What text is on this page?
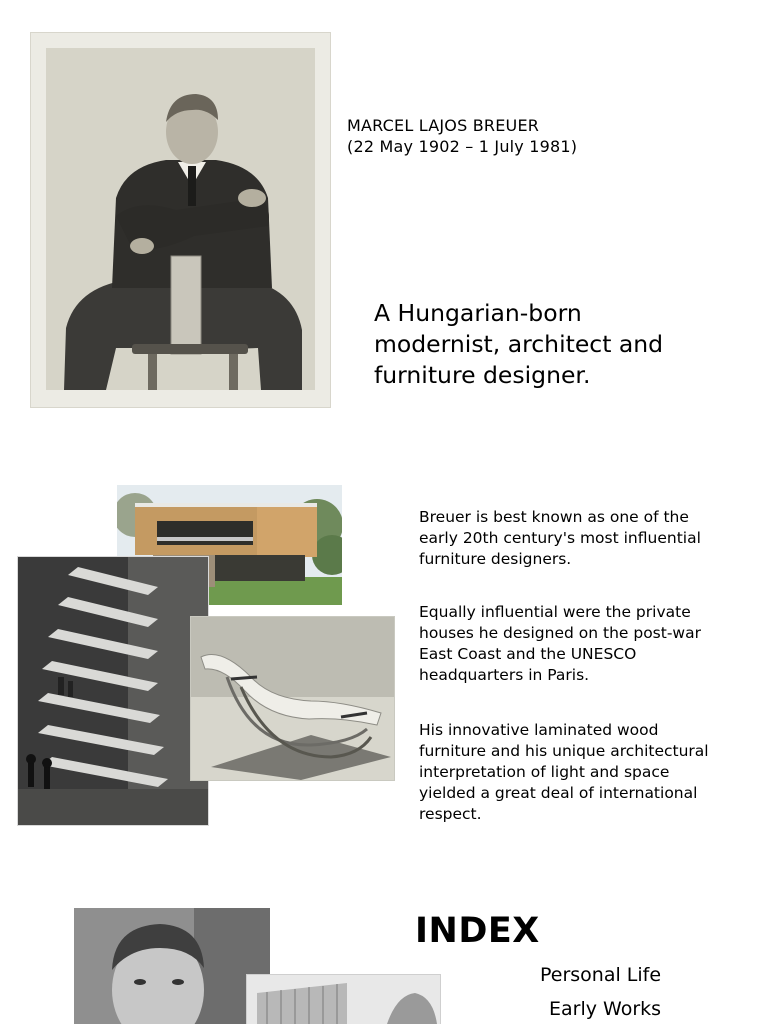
MARCEL LAJOS BREUER
(22 May 1902 – 1 July 1981)
A Hungarian-born modernist, architect and furniture designer.
Breuer is best known as one of the early 20th century's most influential furniture designers.
Equally influential were the private houses he designed on the post-war East Coast and the UNESCO headquarters in Paris.
His innovative laminated wood furniture and his unique architectural interpretation of light and space yielded a great deal of international respect.
INDEX
Personal Life
Early Works
